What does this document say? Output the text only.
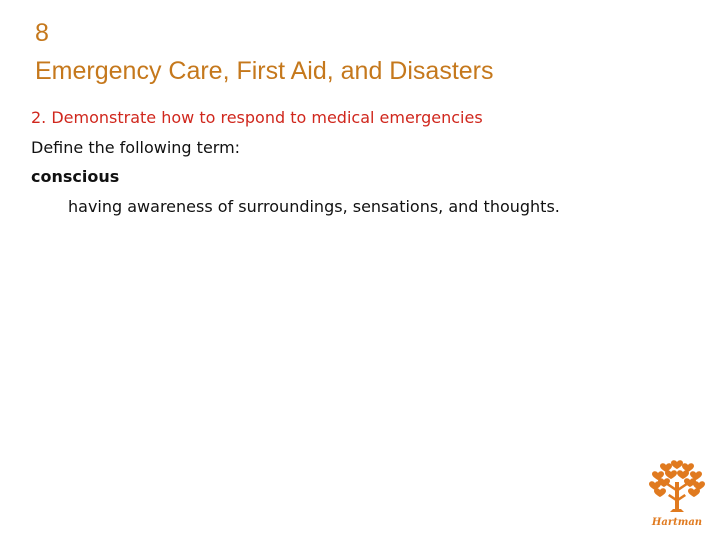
8
Emergency Care, First Aid, and Disasters
2. Demonstrate how to respond to medical emergencies
Define the following term:
conscious
having awareness of surroundings, sensations, and thoughts.
Hartman
